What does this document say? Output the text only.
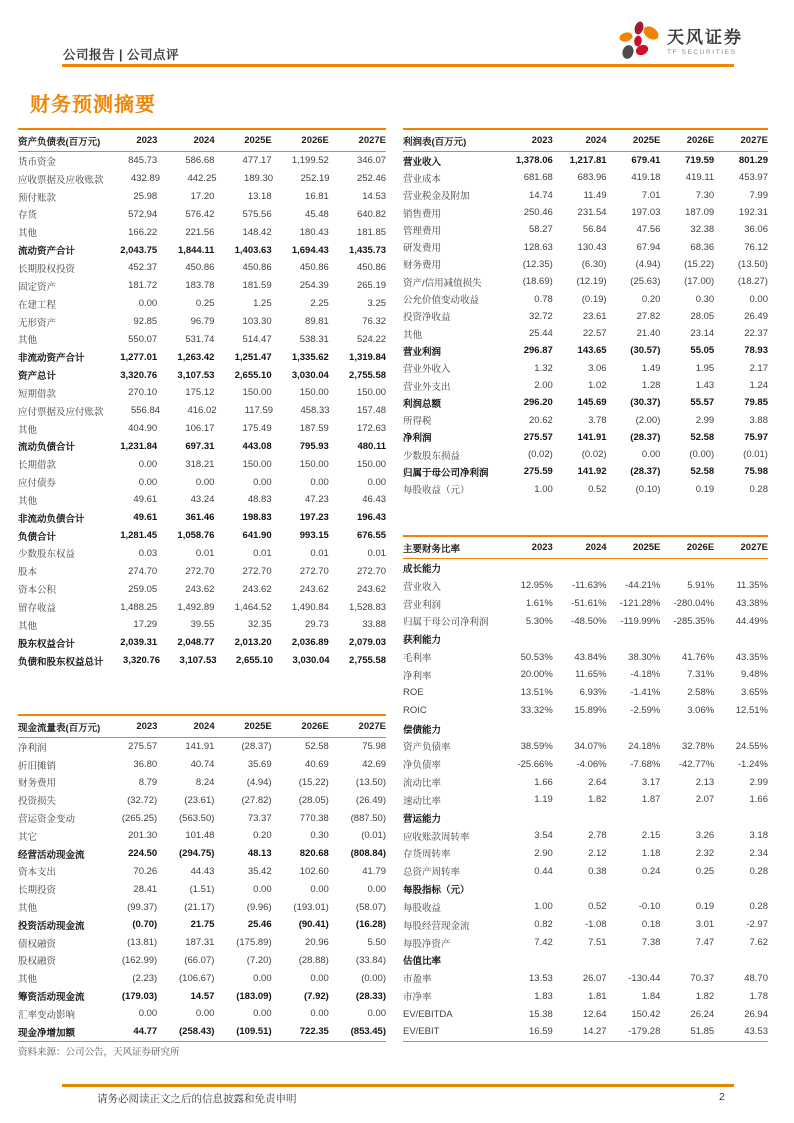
公司报告 | 公司点评
天风证券
TF SECURITIES
财务预测摘要
资产负债表(百万元)	2023	2024	2025E	2026E	2027E
货币资金	845.73	586.68	477.17	1,199.52	346.07
应收票据及应收账款	432.89	442.25	189.30	252.19	252.46
预付账款	25.98	17.20	13.18	16.81	14.53
存货	572.94	576.42	575.56	45.48	640.82
其他	166.22	221.56	148.42	180.43	181.85
流动资产合计	2,043.75	1,844.11	1,403.63	1,694.43	1,435.73
长期股权投资	452.37	450.86	450.86	450.86	450.86
固定资产	181.72	183.78	181.59	254.39	265.19
在建工程	0.00	0.25	1.25	2.25	3.25
无形资产	92.85	96.79	103.30	89.81	76.32
其他	550.07	531.74	514.47	538.31	524.22
非流动资产合计	1,277.01	1,263.42	1,251.47	1,335.62	1,319.84
资产总计	3,320.76	3,107.53	2,655.10	3,030.04	2,755.58
短期借款	270.10	175.12	150.00	150.00	150.00
应付票据及应付账款	556.84	416.02	117.59	458.33	157.48
其他	404.90	106.17	175.49	187.59	172.63
流动负债合计	1,231.84	697.31	443.08	795.93	480.11
长期借款	0.00	318.21	150.00	150.00	150.00
应付债券	0.00	0.00	0.00	0.00	0.00
其他	49.61	43.24	48.83	47.23	46.43
非流动负债合计	49.61	361.46	198.83	197.23	196.43
负债合计	1,281.45	1,058.76	641.90	993.15	676.55
少数股东权益	0.03	0.01	0.01	0.01	0.01
股本	274.70	272.70	272.70	272.70	272.70
资本公积	259.05	243.62	243.62	243.62	243.62
留存收益	1,488.25	1,492.89	1,464.52	1,490.84	1,528.83
其他	17.29	39.55	32.35	29.73	33.88
股东权益合计	2,039.31	2,048.77	2,013.20	2,036.89	2,079.03
负债和股东权益总计	3,320.76	3,107.53	2,655.10	3,030.04	2,755.58
现金流量表(百万元)	2023	2024	2025E	2026E	2027E
净利润	275.57	141.91	(28.37)	52.58	75.98
折旧摊销	36.80	40.74	35.69	40.69	42.69
财务费用	8.79	8.24	(4.94)	(15.22)	(13.50)
投资损失	(32.72)	(23.61)	(27.82)	(28.05)	(26.49)
营运资金变动	(265.25)	(563.50)	73.37	770.38	(887.50)
其它	201.30	101.48	0.20	0.30	(0.01)
经营活动现金流	224.50	(294.75)	48.13	820.68	(808.84)
资本支出	70.26	44.43	35.42	102.60	41.79
长期投资	28.41	(1.51)	0.00	0.00	0.00
其他	(99.37)	(21.17)	(9.96)	(193.01)	(58.07)
投资活动现金流	(0.70)	21.75	25.46	(90.41)	(16.28)
债权融资	(13.81)	187.31	(175.89)	20.96	5.50
股权融资	(162.99)	(66.07)	(7.20)	(28.88)	(33.84)
其他	(2.23)	(106.67)	0.00	0.00	(0.00)
筹资活动现金流	(179.03)	14.57	(183.09)	(7.92)	(28.33)
汇率变动影响	0.00	0.00	0.00	0.00	0.00
现金净增加额	44.77	(258.43)	(109.51)	722.35	(853.45)
利润表(百万元)	2023	2024	2025E	2026E	2027E
营业收入	1,378.06	1,217.81	679.41	719.59	801.29
营业成本	681.68	683.96	419.18	419.11	453.97
营业税金及附加	14.74	11.49	7.01	7.30	7.99
销售费用	250.46	231.54	197.03	187.09	192.31
管理费用	58.27	56.84	47.56	32.38	36.06
研发费用	128.63	130.43	67.94	68.36	76.12
财务费用	(12.35)	(6.30)	(4.94)	(15.22)	(13.50)
资产/信用减值损失	(18.69)	(12.19)	(25.63)	(17.00)	(18.27)
公允价值变动收益	0.78	(0.19)	0.20	0.30	0.00
投资净收益	32.72	23.61	27.82	28.05	26.49
其他	25.44	22.57	21.40	23.14	22.37
营业利润	296.87	143.65	(30.57)	55.05	78.93
营业外收入	1.32	3.06	1.49	1.95	2.17
营业外支出	2.00	1.02	1.28	1.43	1.24
利润总额	296.20	145.69	(30.37)	55.57	79.85
所得税	20.62	3.78	(2.00)	2.99	3.88
净利润	275.57	141.91	(28.37)	52.58	75.97
少数股东损益	(0.02)	(0.02)	0.00	(0.00)	(0.01)
归属于母公司净利润	275.59	141.92	(28.37)	52.58	75.98
每股收益（元）	1.00	0.52	(0.10)	0.19	0.28
主要财务比率	2023	2024	2025E	2026E	2027E
成长能力
营业收入	12.95%	-11.63%	-44.21%	5.91%	11.35%
营业利润	1.61%	-51.61%	-121.28%	-280.04%	43.38%
归属于母公司净利润	5.30%	-48.50%	-119.99%	-285.35%	44.49%
获利能力
毛利率	50.53%	43.84%	38.30%	41.76%	43.35%
净利率	20.00%	11.65%	-4.18%	7.31%	9.48%
ROE	13.51%	6.93%	-1.41%	2.58%	3.65%
ROIC	33.32%	15.89%	-2.59%	3.06%	12.51%
偿债能力
资产负债率	38.59%	34.07%	24.18%	32.78%	24.55%
净负债率	-25.66%	-4.06%	-7.68%	-42.77%	-1.24%
流动比率	1.66	2.64	3.17	2.13	2.99
速动比率	1.19	1.82	1.87	2.07	1.66
营运能力
应收账款周转率	3.54	2.78	2.15	3.26	3.18
存货周转率	2.90	2.12	1.18	2.32	2.34
总资产周转率	0.44	0.38	0.24	0.25	0.28
每股指标（元）
每股收益	1.00	0.52	-0.10	0.19	0.28
每股经营现金流	0.82	-1.08	0.18	3.01	-2.97
每股净资产	7.42	7.51	7.38	7.47	7.62
估值比率
市盈率	13.53	26.07	-130.44	70.37	48.70
市净率	1.83	1.81	1.84	1.82	1.78
EV/EBITDA	15.38	12.64	150.42	26.24	26.94
EV/EBIT	16.59	14.27	-179.28	51.85	43.53
资料来源：公司公告，天风证券研究所
请务必阅读正文之后的信息披露和免责申明	2
